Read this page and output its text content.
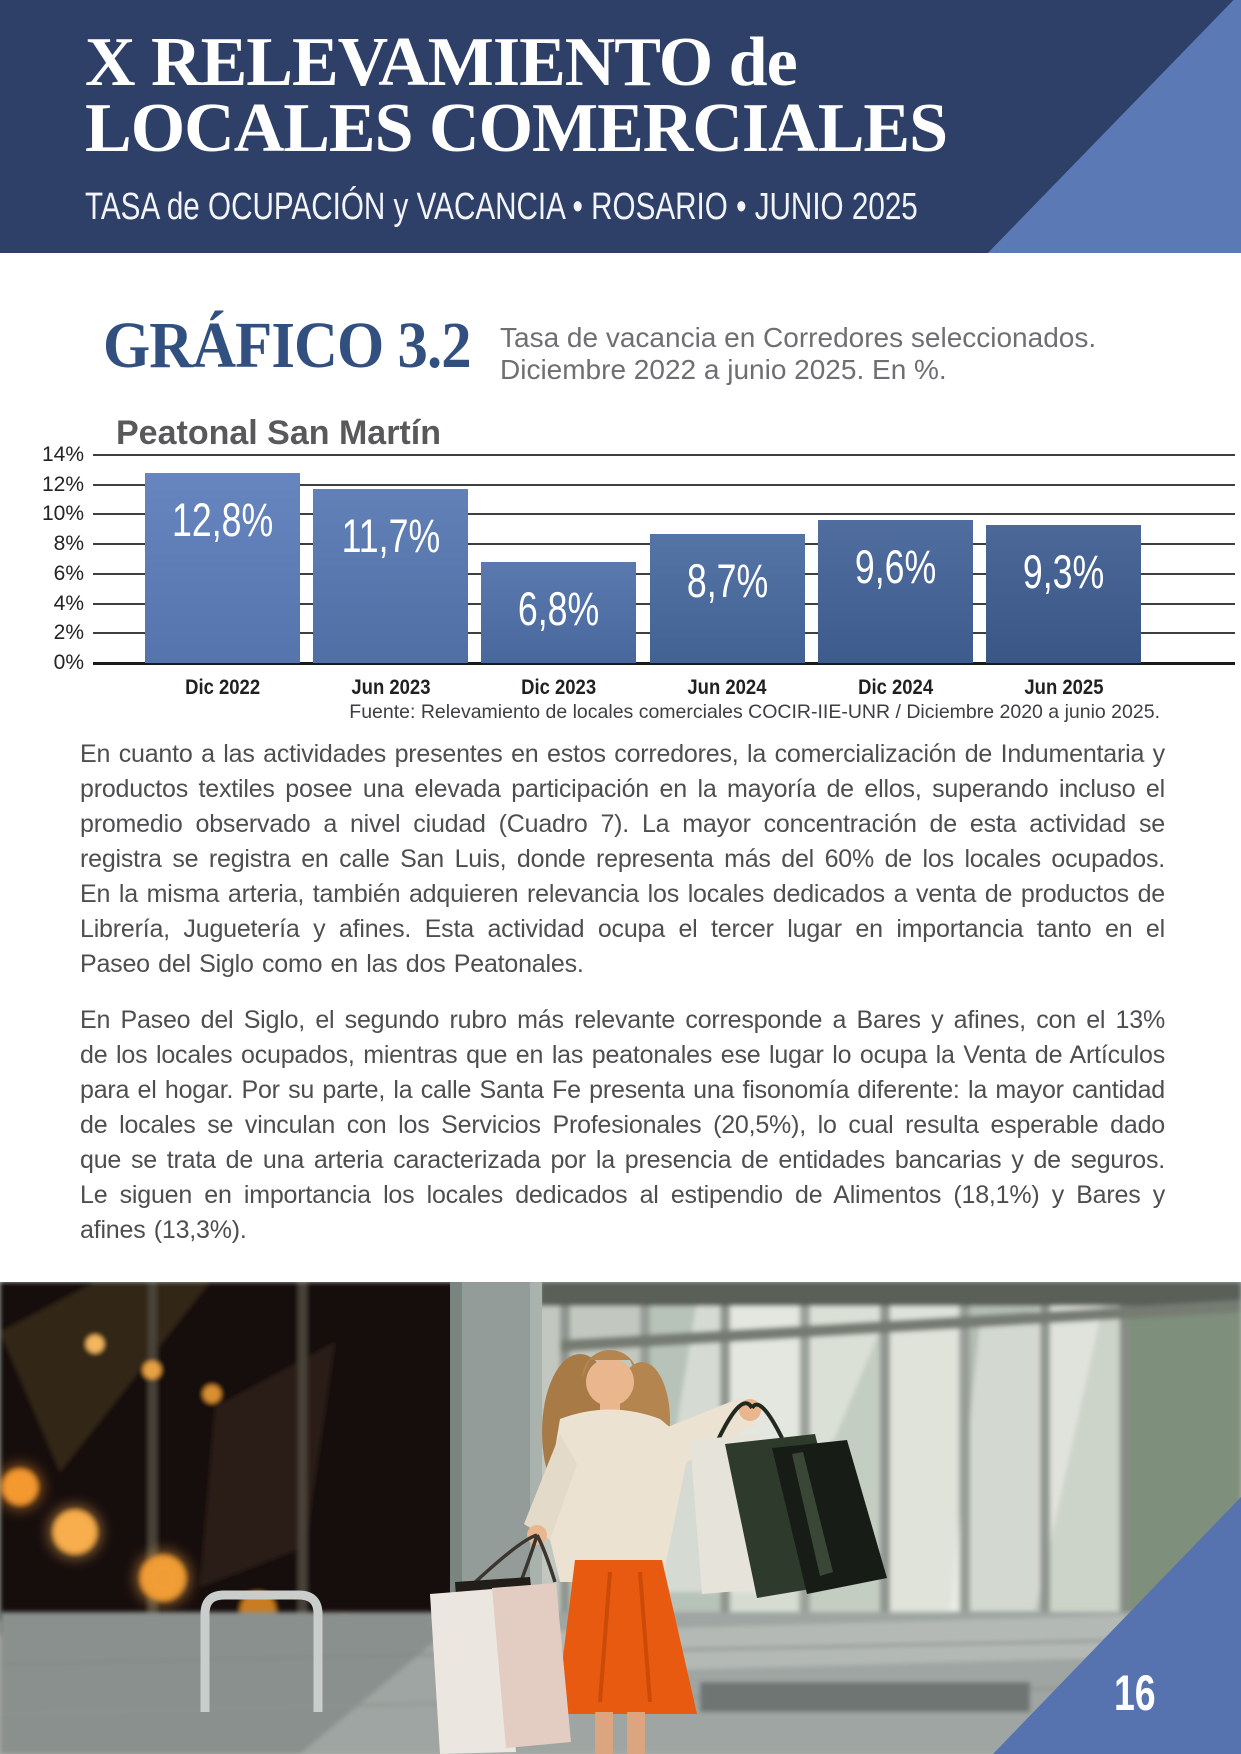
X RELEVAMIENTO de
LOCALES COMERCIALES
TASA de OCUPACIÓN y VACANCIA • ROSARIO • JUNIO 2025
GRÁFICO 3.2 Tasa de vacancia en Corredores seleccionados.
Diciembre 2022 a junio 2025. En %.
Peatonal San Martín
14%
12%
10%
8%
6%
4%
2%
0%
12,8%
Dic 2022
11,7%
Jun 2023
6,8%
Dic 2023
8,7%
Jun 2024
9,6%
Dic 2024
9,3%
Jun 2025
Fuente: Relevamiento de locales comerciales COCIR-IIE-UNR / Diciembre 2020 a junio 2025.

En cuanto a las actividades presentes en estos corredores, la comercialización de Indumentaria y productos textiles posee una elevada participación en la mayoría de ellos, superando incluso el promedio observado a nivel ciudad (Cuadro 7). La mayor concentración de esta actividad se registra se registra en calle San Luis, donde representa más del 60% de los locales ocupados. En la misma arteria, también adquieren relevancia los locales dedicados a venta de productos de Librería, Juguetería y afines. Esta actividad ocupa el tercer lugar en importancia tanto en el Paseo del Siglo como en las dos Peatonales.

En Paseo del Siglo, el segundo rubro más relevante corresponde a Bares y afines, con el 13% de los locales ocupados, mientras que en las peatonales ese lugar lo ocupa la Venta de Artículos para el hogar. Por su parte, la calle Santa Fe presenta una fisonomía diferente: la mayor cantidad de locales se vinculan con los Servicios Profesionales (20,5%), lo cual resulta esperable dado que se trata de una arteria caracterizada por la presencia de entidades bancarias y de seguros. Le siguen en importancia los locales dedicados al estipendio de Alimentos (18,1%) y Bares y afines (13,3%).

16
